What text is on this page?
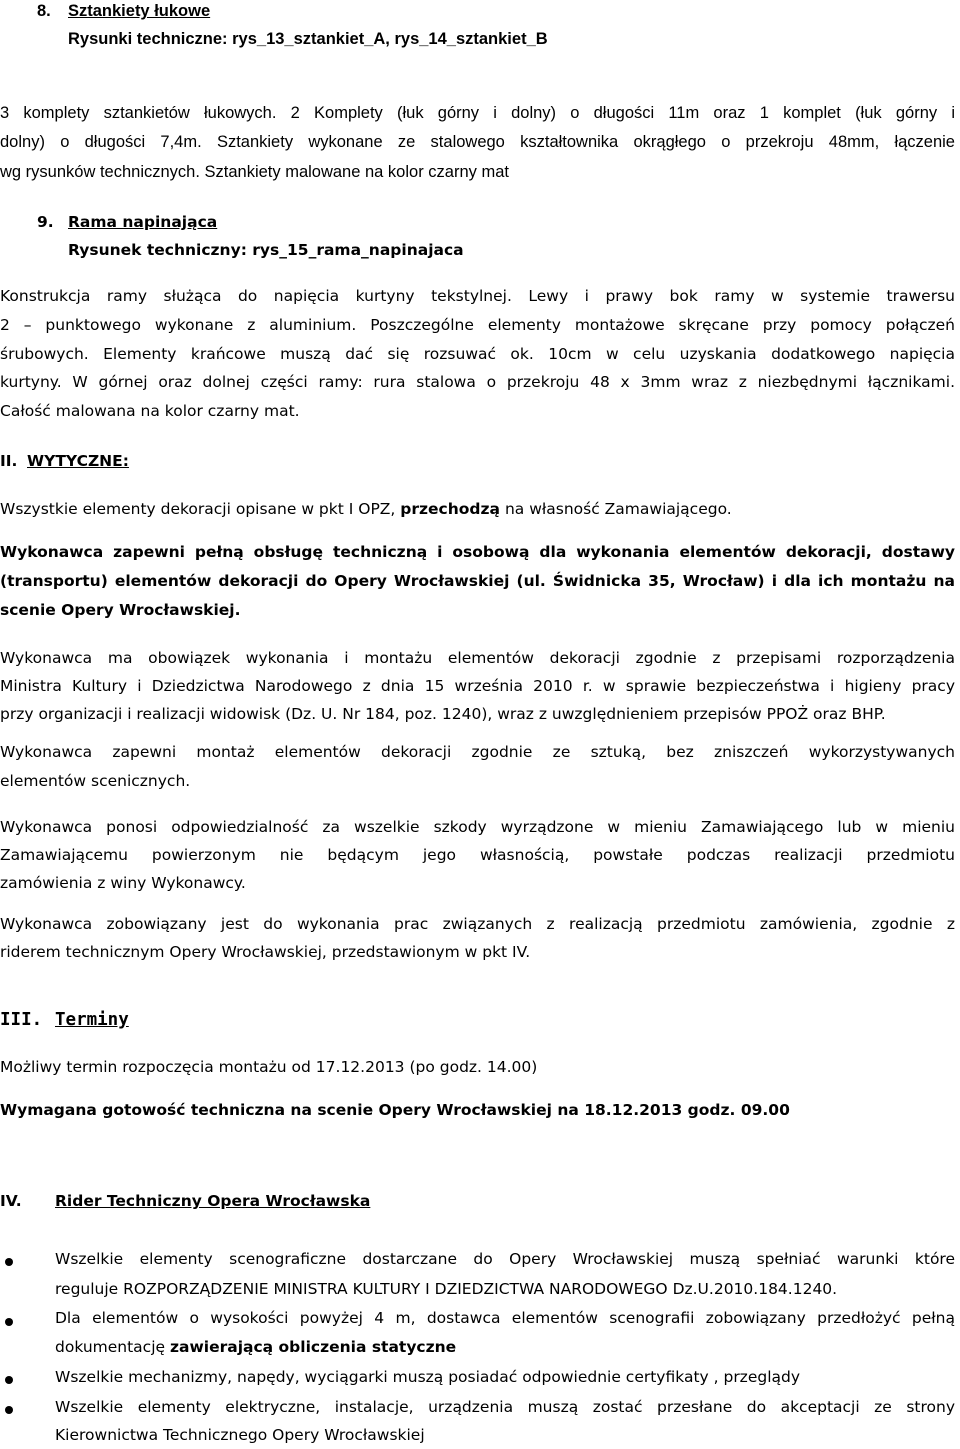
8. Sztankiety łukowe
Rysunki techniczne: rys_13_sztankiet_A, rys_14_sztankiet_B
3 komplety sztankietów łukowych. 2 Komplety (łuk górny i dolny) o długości 11m oraz 1 komplet (łuk górny i
dolny) o długości 7,4m. Sztankiety wykonane ze stalowego kształtownika okrągłego o przekroju 48mm, łączenie
wg rysunków technicznych. Sztankiety malowane na kolor czarny mat
9. Rama napinająca
Rysunek techniczny: rys_15_rama_napinajaca
Konstrukcja ramy służąca do napięcia kurtyny tekstylnej. Lewy i prawy bok ramy w systemie trawersu
2 – punktowego wykonane z aluminium. Poszczególne elementy montażowe skręcane przy pomocy połączeń
śrubowych. Elementy krańcowe muszą dać się rozsuwać ok. 10cm w celu uzyskania dodatkowego napięcia
kurtyny. W górnej oraz dolnej części ramy: rura stalowa o przekroju 48 x 3mm wraz z niezbędnymi łącznikami.
Całość malowana na kolor czarny mat.
II. WYTYCZNE:
Wszystkie elementy dekoracji opisane w pkt I OPZ, przechodzą na własność Zamawiającego.
Wykonawca zapewni pełną obsługę techniczną i osobową dla wykonania elementów dekoracji, dostawy
(transportu) elementów dekoracji do Opery Wrocławskiej (ul. Świdnicka 35, Wrocław) i dla ich montażu na
scenie Opery Wrocławskiej.
Wykonawca ma obowiązek wykonania i montażu elementów dekoracji zgodnie z przepisami rozporządzenia
Ministra Kultury i Dziedzictwa Narodowego z dnia 15 września 2010 r. w sprawie bezpieczeństwa i higieny pracy
przy organizacji i realizacji widowisk (Dz. U. Nr 184, poz. 1240), wraz z uwzględnieniem przepisów PPOŻ oraz BHP.
Wykonawca zapewni montaż elementów dekoracji zgodnie ze sztuką, bez zniszczeń wykorzystywanych
elementów scenicznych.
Wykonawca ponosi odpowiedzialność za wszelkie szkody wyrządzone w mieniu Zamawiającego lub w mieniu
Zamawiającemu powierzonym nie będącym jego własnością, powstałe podczas realizacji przedmiotu
zamówienia z winy Wykonawcy.
Wykonawca zobowiązany jest do wykonania prac związanych z realizacją przedmiotu zamówienia, zgodnie z
riderem technicznym Opery Wrocławskiej, przedstawionym w pkt IV.
III. Terminy
Możliwy termin rozpoczęcia montażu od 17.12.2013 (po godz. 14.00)
Wymagana gotowość techniczna na scenie Opery Wrocławskiej na 18.12.2013 godz. 09.00
IV. Rider Techniczny Opera Wrocławska
Wszelkie elementy scenograficzne dostarczane do Opery Wrocławskiej muszą spełniać warunki które
reguluje ROZPORZĄDZENIE MINISTRA KULTURY I DZIEDZICTWA NARODOWEGO Dz.U.2010.184.1240.
Dla elementów o wysokości powyżej 4 m, dostawca elementów scenografii zobowiązany przedłożyć pełną
dokumentację zawierającą obliczenia statyczne
Wszelkie mechanizmy, napędy, wyciągarki muszą posiadać odpowiednie certyfikaty , przeglądy
Wszelkie elementy elektryczne, instalacje, urządzenia muszą zostać przesłane do akceptacji ze strony
Kierownictwa Technicznego Opery Wrocławskiej
